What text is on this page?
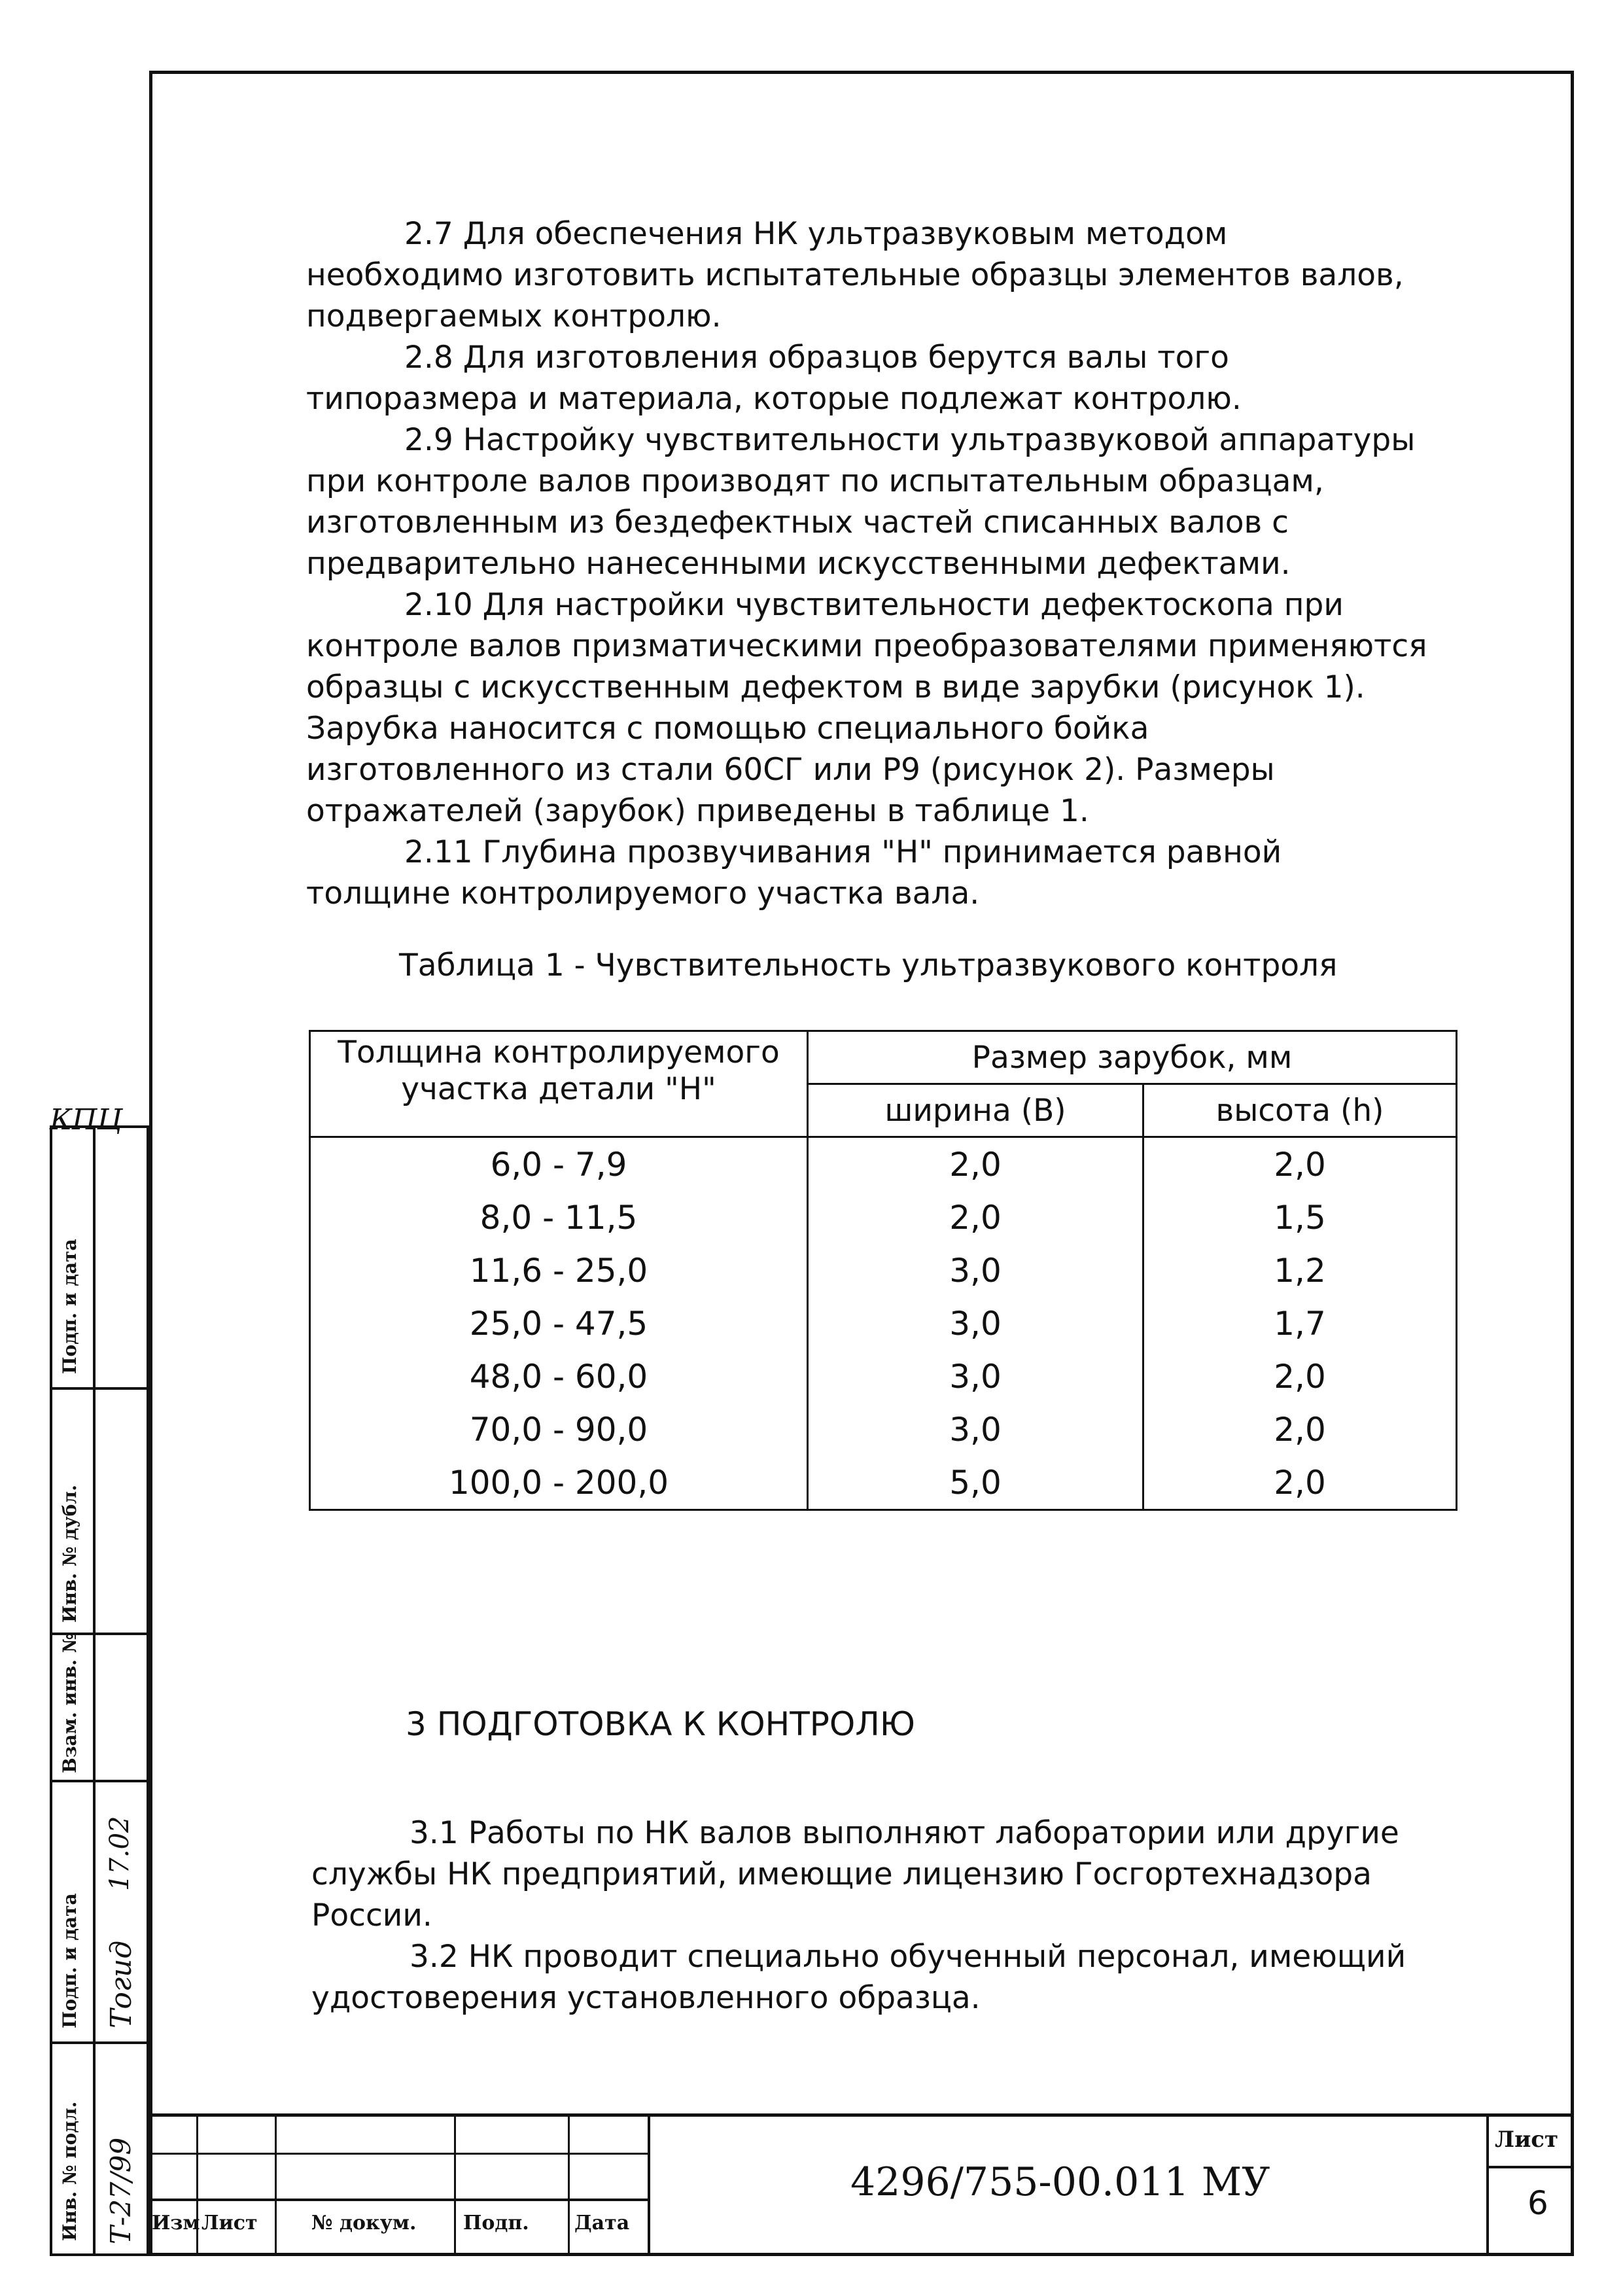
2.7 Для обеспечения НК ультразвуковым методом
необходимо изготовить испытательные образцы элементов валов,
подвергаемых контролю.
2.8 Для изготовления образцов берутся валы того
типоразмера и материала, которые подлежат контролю.
2.9 Настройку чувствительности ультразвуковой аппаратуры
при контроле валов производят по испытательным образцам,
изготовленным из бездефектных частей списанных валов с
предварительно нанесенными искусственными дефектами.
2.10 Для настройки чувствительности дефектоскопа при
контроле валов призматическими преобразователями применяются
образцы с искусственным дефектом в виде зарубки (рисунок 1).
Зарубка наносится с помощью специального бойка
изготовленного из стали 60СГ или Р9 (рисунок 2). Размеры
отражателей (зарубок) приведены в таблице 1.
2.11 Глубина прозвучивания "Н" принимается равной
толщине контролируемого участка вала.
Таблица 1 - Чувствительность ультразвукового контроля
Толщина контролируемого
участка детали "Н"	Размер зарубок, мм	
	ширина (В)	высота (h)
6,0 - 7,9	2,0	2,0
8,0 - 11,5	2,0	1,5
11,6 - 25,0	3,0	1,2
25,0 - 47,5	3,0	1,7
48,0 - 60,0	3,0	2,0
70,0 - 90,0	3,0	2,0
100,0 - 200,0	5,0	2,0
3 ПОДГОТОВКА К КОНТРОЛЮ
3.1 Работы по НК валов выполняют лаборатории или другие
службы НК предприятий, имеющие лицензию Госгортехнадзора
России.
3.2 НК проводит специально обученный персонал, имеющий
удостоверения установленного образца.
КПЦ
Инв. № подл.
Подп. и дата
Взам. инв. №
Инв. № дубл.
Подп. и дата
Т-27/99
Тогид
17.02
Изм Лист	№ докум. Подп. Дата
4296/755-00.011 МУ
Лист
6
